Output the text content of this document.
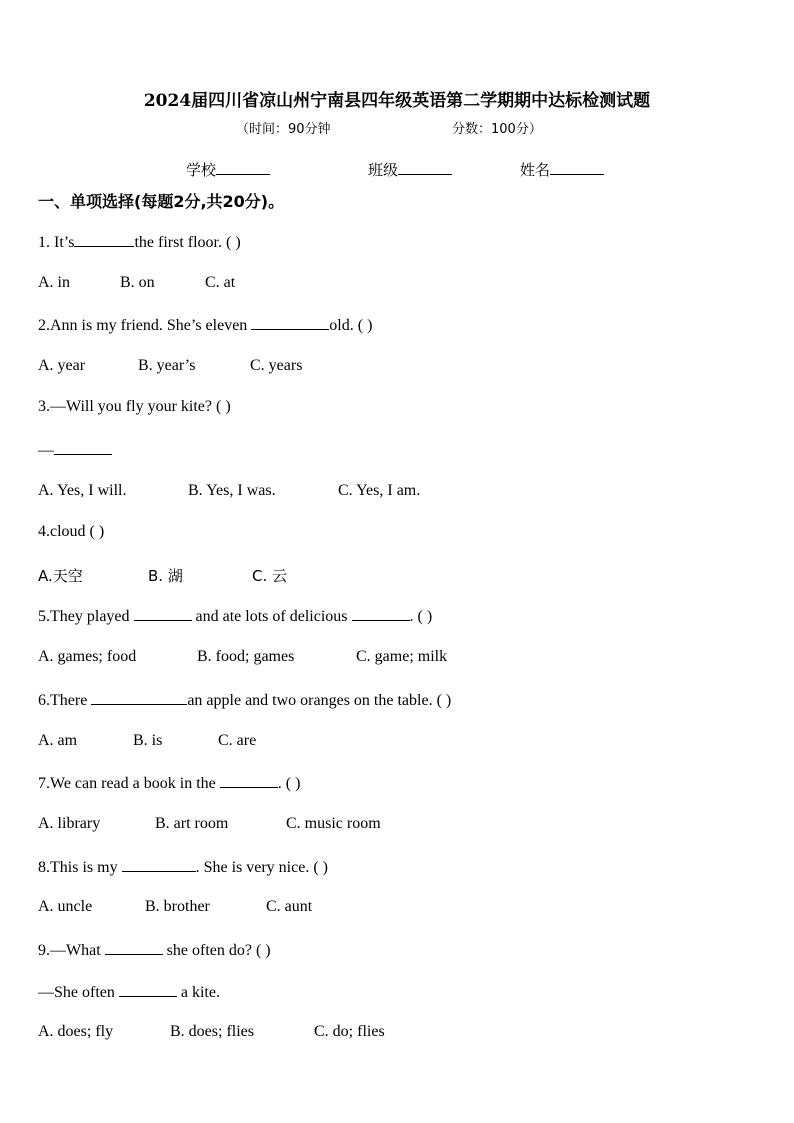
2024届四川省凉山州宁南县四年级英语第二学期期中达标检测试题
（时间：90分钟	分数：100分）
学校	班级	姓名
一、单项选择(每题2分,共20分)。
1. It’s	the first floor. ( )
A. in	B. on	C. at
2.Ann is my friend. She’s eleven	old. ( )
A. year	B. year’s	C. years
3.—Will you fly your kite? ( )
—
A. Yes, I will.	B. Yes, I was.	C. Yes, I am.
4.cloud ( )
A.天空	B. 湖	C. 云
5.They played	and ate lots of delicious	. ( )
A. games; food	B. food; games	C. game; milk
6.There	an apple and two oranges on the table. ( )
A. am	B. is	C. are
7.We can read a book in the	. ( )
A. library	B. art room	C. music room
8.This is my	. She is very nice. ( )
A. uncle	B. brother	C. aunt
9.—What	she often do? ( )
—She often	a kite.
A. does; fly	B. does; flies	C. do; flies
